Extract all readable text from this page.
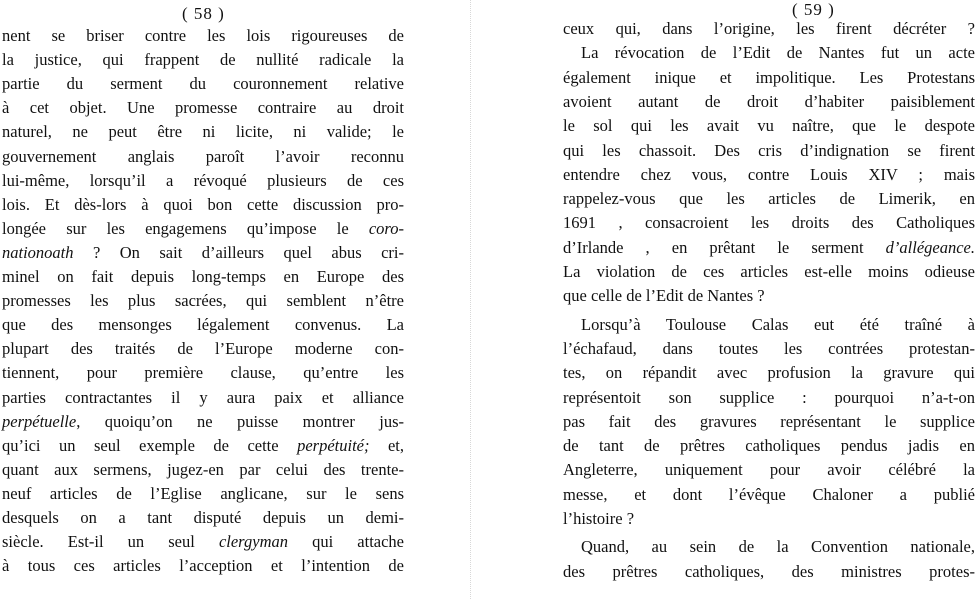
( 58 )
nent se briser contre les lois rigoureuses de
la justice, qui frappent de nullité radicale la
partie du serment du couronnement relative
à cet objet. Une promesse contraire au droit
naturel, ne peut être ni licite, ni valide; le
gouvernement anglais paroît l’avoir reconnu
lui-même, lorsqu’il a révoqué plusieurs de ces
lois. Et dès-lors à quoi bon cette discussion pro-
longée sur les engagemens qu’impose le coro-
nationoath ? On sait d’ailleurs quel abus cri-
minel on fait depuis long-temps en Europe des
promesses les plus sacrées, qui semblent n’être
que des mensonges légalement convenus. La
plupart des traités de l’Europe moderne con-
tiennent, pour première clause, qu’entre les
parties contractantes il y aura paix et alliance
perpétuelle, quoiqu’on ne puisse montrer jus-
qu’ici un seul exemple de cette perpétuité; et,
quant aux sermens, jugez-en par celui des trente-
neuf articles de l’Eglise anglicane, sur le sens
desquels on a tant disputé depuis un demi-
siècle. Est-il un seul clergyman qui attache
à tous ces articles l’acception et l’intention de
( 59 )
ceux qui, dans l’origine, les firent décréter ?
La révocation de l’Edit de Nantes fut un acte
également inique et impolitique. Les Protestans
avoient autant de droit d’habiter paisiblement
le sol qui les avait vu naître, que le despote
qui les chassoit. Des cris d’indignation se firent
entendre chez vous, contre Louis XIV ; mais
rappelez-vous que les articles de Limerik, en
1691 , consacroient les droits des Catholiques
d’Irlande , en prêtant le serment d’allégeance.
La violation de ces articles est-elle moins odieuse
que celle de l’Edit de Nantes ?
Lorsqu’à Toulouse Calas eut été traîné à
l’échafaud, dans toutes les contrées protestan-
tes, on répandit avec profusion la gravure qui
représentoit son supplice : pourquoi n’a-t-on
pas fait des gravures représentant le supplice
de tant de prêtres catholiques pendus jadis en
Angleterre, uniquement pour avoir célébré la
messe, et dont l’évêque Chaloner a publié
l’histoire ?
Quand, au sein de la Convention nationale,
des prêtres catholiques, des ministres protes-
